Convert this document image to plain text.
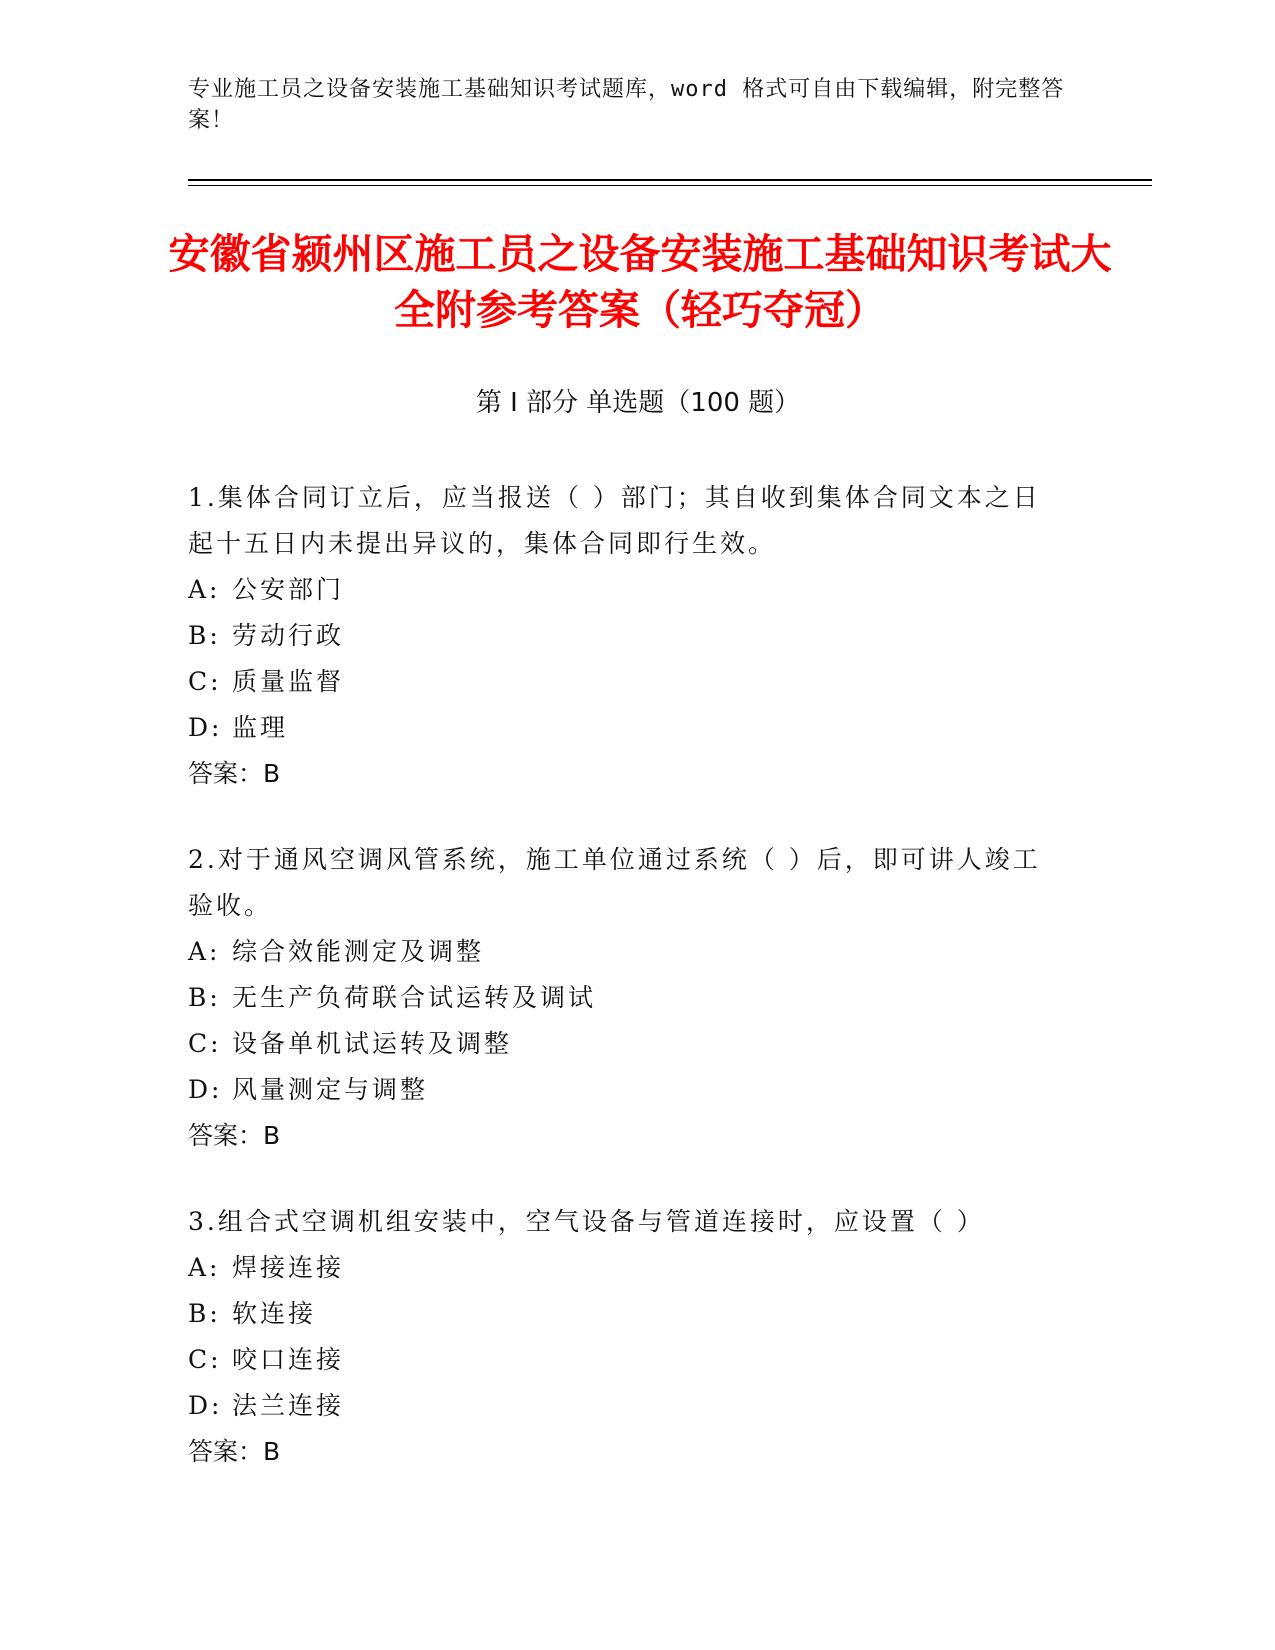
专业施工员之设备安装施工基础知识考试题库，word 格式可自由下载编辑，附完整答案！
安徽省颍州区施工员之设备安装施工基础知识考试大全附参考答案（轻巧夺冠）
第 I 部分 单选题（100 题）
1.集体合同订立后，应当报送（ ）部门；其自收到集体合同文本之日起十五日内未提出异议的，集体合同即行生效。
A: 公安部门
B: 劳动行政
C: 质量监督
D: 监理
答案：B
2.对于通风空调风管系统，施工单位通过系统（ ）后，即可讲人竣工验收。
A: 综合效能测定及调整
B: 无生产负荷联合试运转及调试
C: 设备单机试运转及调整
D: 风量测定与调整
答案：B
3.组合式空调机组安装中，空气设备与管道连接时，应设置（ ）
A: 焊接连接
B: 软连接
C: 咬口连接
D: 法兰连接
答案：B
